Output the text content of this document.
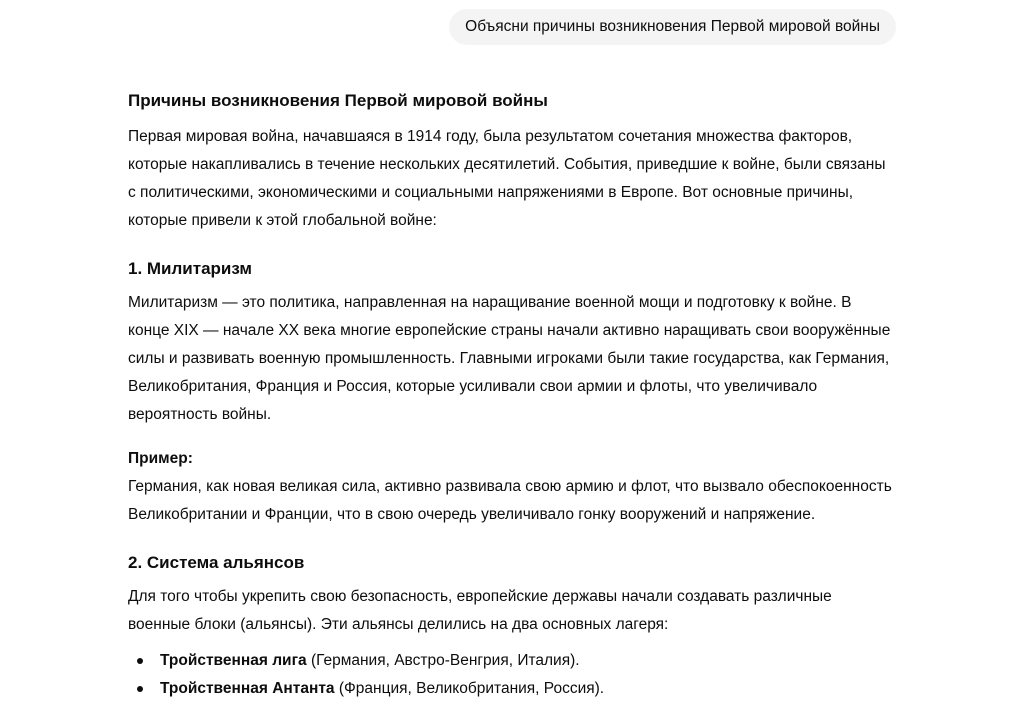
Объясни причины возникновения Первой мировой войны
Причины возникновения Первой мировой войны

Первая мировая война, начавшаяся в 1914 году, была результатом сочетания множества факторов, которые накапливались в течение нескольких десятилетий. События, приведшие к войне, были связаны с политическими, экономическими и социальными напряжениями в Европе. Вот основные причины, которые привели к этой глобальной войне:

1. Милитаризм

Милитаризм — это политика, направленная на наращивание военной мощи и подготовку к войне. В конце XIX — начале XX века многие европейские страны начали активно наращивать свои вооружённые силы и развивать военную промышленность. Главными игроками были такие государства, как Германия, Великобритания, Франция и Россия, которые усиливали свои армии и флоты, что увеличивало вероятность войны.

Пример:
Германия, как новая великая сила, активно развивала свою армию и флот, что вызвало обеспокоенность Великобритании и Франции, что в свою очередь увеличивало гонку вооружений и напряжение.

2. Система альянсов

Для того чтобы укрепить свою безопасность, европейские державы начали создавать различные военные блоки (альянсы). Эти альянсы делились на два основных лагеря:

Тройственная лига (Германия, Австро-Венгрия, Италия).
Тройственная Антанта (Франция, Великобритания, Россия).
